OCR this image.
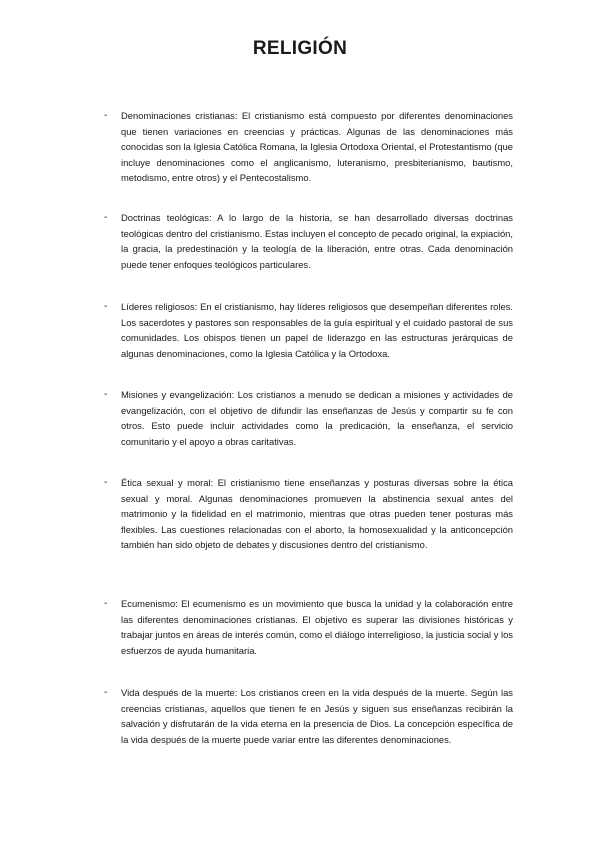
RELIGIÓN
- Denominaciones cristianas: El cristianismo está compuesto por diferentes denominaciones que tienen variaciones en creencias y prácticas. Algunas de las denominaciones más conocidas son la Iglesia Católica Romana, la Iglesia Ortodoxa Oriental, el Protestantismo (que incluye denominaciones como el anglicanismo, luteranismo, presbiterianismo, bautismo, metodismo, entre otros) y el Pentecostalismo.

- Doctrinas teológicas: A lo largo de la historia, se han desarrollado diversas doctrinas teológicas dentro del cristianismo. Estas incluyen el concepto de pecado original, la expiación, la gracia, la predestinación y la teología de la liberación, entre otras. Cada denominación puede tener enfoques teológicos particulares.

- Líderes religiosos: En el cristianismo, hay líderes religiosos que desempeñan diferentes roles. Los sacerdotes y pastores son responsables de la guía espiritual y el cuidado pastoral de sus comunidades. Los obispos tienen un papel de liderazgo en las estructuras jerárquicas de algunas denominaciones, como la Iglesia Católica y la Ortodoxa.

- Misiones y evangelización: Los cristianos a menudo se dedican a misiones y actividades de evangelización, con el objetivo de difundir las enseñanzas de Jesús y compartir su fe con otros. Esto puede incluir actividades como la predicación, la enseñanza, el servicio comunitario y el apoyo a obras caritativas.

- Ética sexual y moral: El cristianismo tiene enseñanzas y posturas diversas sobre la ética sexual y moral. Algunas denominaciones promueven la abstinencia sexual antes del matrimonio y la fidelidad en el matrimonio, mientras que otras pueden tener posturas más flexibles. Las cuestiones relacionadas con el aborto, la homosexualidad y la anticoncepción también han sido objeto de debates y discusiones dentro del cristianismo.

- Ecumenismo: El ecumenismo es un movimiento que busca la unidad y la colaboración entre las diferentes denominaciones cristianas. El objetivo es superar las divisiones históricas y trabajar juntos en áreas de interés común, como el diálogo interreligioso, la justicia social y los esfuerzos de ayuda humanitaria.

- Vida después de la muerte: Los cristianos creen en la vida después de la muerte. Según las creencias cristianas, aquellos que tienen fe en Jesús y siguen sus enseñanzas recibirán la salvación y disfrutarán de la vida eterna en la presencia de Dios. La concepción específica de la vida después de la muerte puede variar entre las diferentes denominaciones.
